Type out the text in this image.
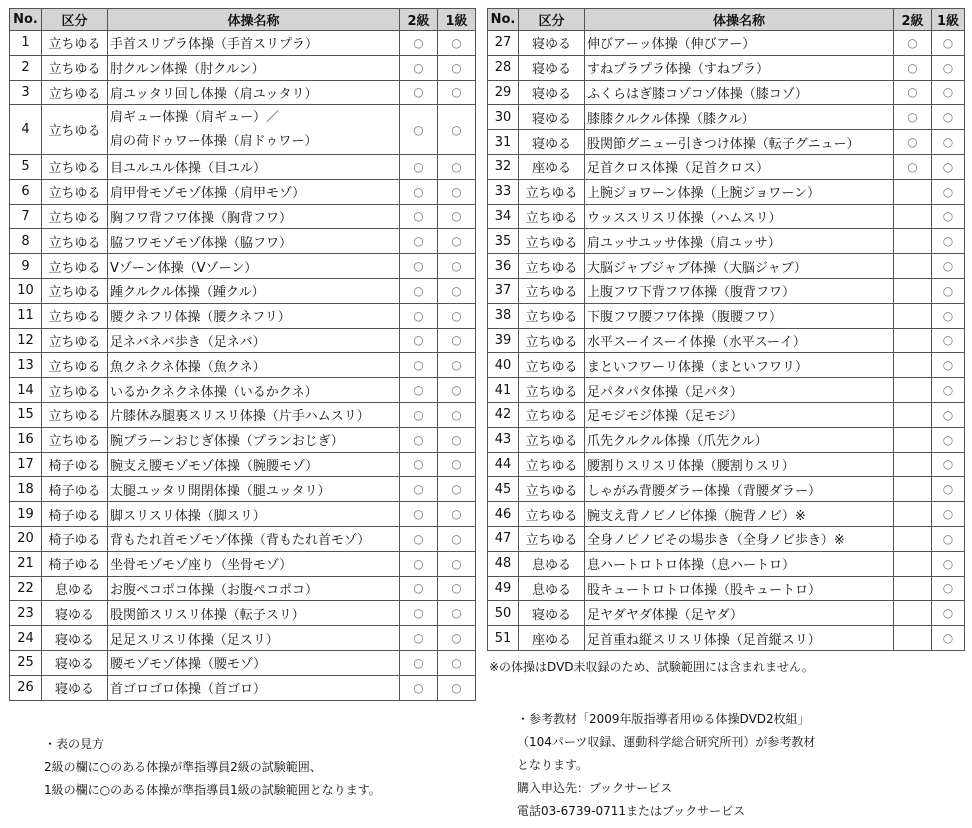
No.	区分	体操名称	2級	1級
1	立ちゆる	手首スリプラ体操（手首スリプラ）	○	○
2	立ちゆる	肘クルン体操（肘クルン）	○	○
3	立ちゆる	肩ユッタリ回し体操（肩ユッタリ）	○	○
4	立ちゆる	肩ギュー体操（肩ギュー）／
肩の荷ドゥワー体操（肩ドゥワー）	○	○
5	立ちゆる	目ユルユル体操（目ユル）	○	○
6	立ちゆる	肩甲骨モゾモゾ体操（肩甲モゾ）	○	○
7	立ちゆる	胸フワ背フワ体操（胸背フワ）	○	○
8	立ちゆる	脇フワモゾモゾ体操（脇フワ）	○	○
9	立ちゆる	Vゾーン体操（Vゾーン）	○	○
10	立ちゆる	踵クルクル体操（踵クル）	○	○
11	立ちゆる	腰クネフリ体操（腰クネフリ）	○	○
12	立ちゆる	足ネバネバ歩き（足ネバ）	○	○
13	立ちゆる	魚クネクネ体操（魚クネ）	○	○
14	立ちゆる	いるかクネクネ体操（いるかクネ）	○	○
15	立ちゆる	片膝休み腿裏スリスリ体操（片手ハムスリ）	○	○
16	立ちゆる	腕プラーンおじぎ体操（プランおじぎ）	○	○
17	椅子ゆる	腕支え腰モゾモゾ体操（腕腰モゾ）	○	○
18	椅子ゆる	太腿ユッタリ開閉体操（腿ユッタリ）	○	○
19	椅子ゆる	脚スリスリ体操（脚スリ）	○	○
20	椅子ゆる	背もたれ首モゾモゾ体操（背もたれ首モゾ）	○	○
21	椅子ゆる	坐骨モゾモゾ座り（坐骨モゾ）	○	○
22	息ゆる	お腹ペコポコ体操（お腹ペコポコ）	○	○
23	寝ゆる	股関節スリスリ体操（転子スリ）	○	○
24	寝ゆる	足足スリスリ体操（足スリ）	○	○
25	寝ゆる	腰モゾモゾ体操（腰モゾ）	○	○
26	寝ゆる	首ゴロゴロ体操（首ゴロ）	○	○
No.	区分	体操名称	2級	1級
27	寝ゆる	伸びアーッ体操（伸びアー）	○	○
28	寝ゆる	すねプラプラ体操（すねプラ）	○	○
29	寝ゆる	ふくらはぎ膝コゾコゾ体操（膝コゾ）	○	○
30	寝ゆる	膝膝クルクル体操（膝クル）	○	○
31	寝ゆる	股関節グニュー引きつけ体操（転子グニュー）	○	○
32	座ゆる	足首クロス体操（足首クロス）	○	○
33	立ちゆる	上腕ジョワーン体操（上腕ジョワーン）		○
34	立ちゆる	ウッススリスリ体操（ハムスリ）		○
35	立ちゆる	肩ユッサユッサ体操（肩ユッサ）		○
36	立ちゆる	大脳ジャブジャブ体操（大脳ジャブ）		○
37	立ちゆる	上腹フワ下背フワ体操（腹背フワ）		○
38	立ちゆる	下腹フワ腰フワ体操（腹腰フワ）		○
39	立ちゆる	水平スーイスーイ体操（水平スーイ）		○
40	立ちゆる	まといフワーリ体操（まといフワリ）		○
41	立ちゆる	足パタパタ体操（足パタ）		○
42	立ちゆる	足モジモジ体操（足モジ）		○
43	立ちゆる	爪先クルクル体操（爪先クル）		○
44	立ちゆる	腰割りスリスリ体操（腰割りスリ）		○
45	立ちゆる	しゃがみ背腰ダラー体操（背腰ダラー）		○
46	立ちゆる	腕支え背ノビノビ体操（腕背ノビ）※		○
47	立ちゆる	全身ノビノビその場歩き（全身ノビ歩き）※		○
48	息ゆる	息ハートロトロ体操（息ハートロ）		○
49	息ゆる	股キュートロトロ体操（股キュートロ）		○
50	寝ゆる	足ヤダヤダ体操（足ヤダ）		○
51	座ゆる	足首重ね縦スリスリ体操（足首縦スリ）		○
※の体操はDVD未収録のため、試験範囲には含まれません。
・表の見方
2級の欄に○のある体操が準指導員2級の試験範囲、
1級の欄に○のある体操が準指導員1級の試験範囲となります。
・参考教材「2009年版指導者用ゆる体操DVD2枚組」
（104パーツ収録、運動科学総合研究所刊）が参考教材
となります。
購入申込先：ブックサービス
電話03-6739-0711またはブックサービス
